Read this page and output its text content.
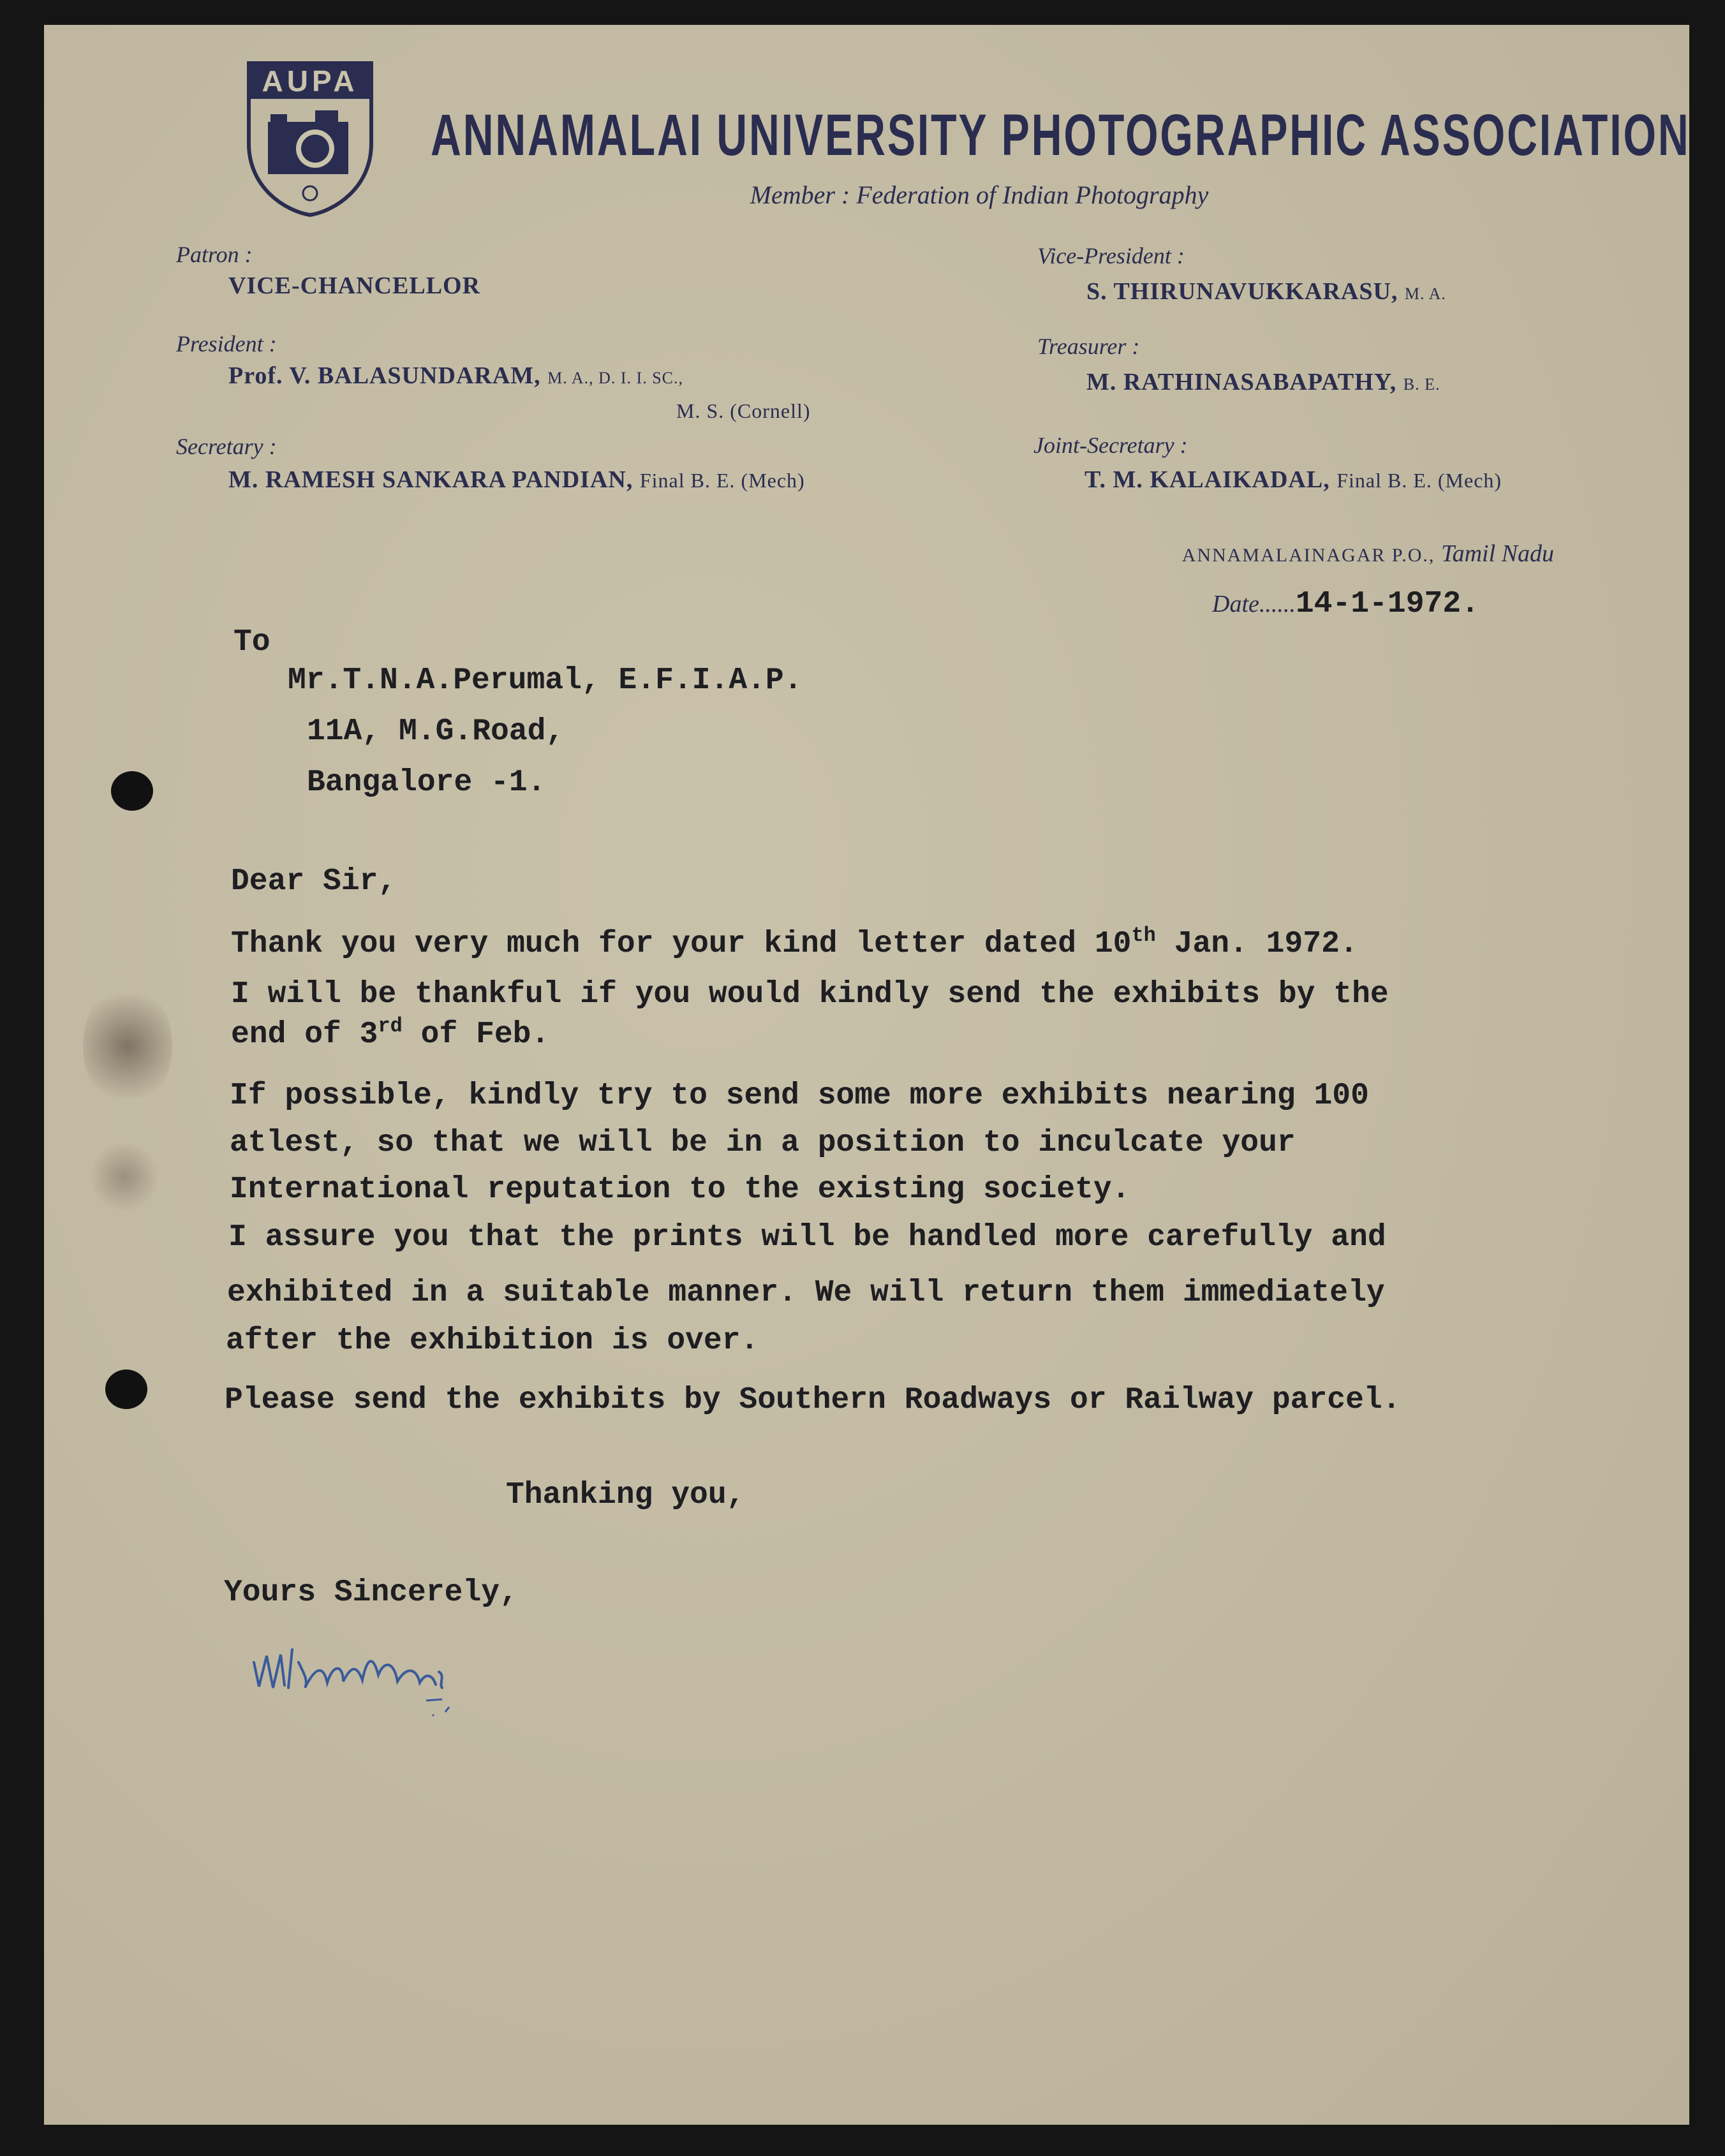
AUPA
ANNAMALAI UNIVERSITY PHOTOGRAPHIC ASSOCIATION
Member : Federation of Indian Photography
Patron :
VICE-CHANCELLOR
President :
Prof. V. BALASUNDARAM, M. A., D. I. I. SC.,
M. S. (Cornell)
Secretary :
M. RAMESH SANKARA PANDIAN, Final B. E. (Mech)
Vice-President :
S. THIRUNAVUKKARASU, M. A.
Treasurer :
M. RATHINASABAPATHY, B. E.
Joint-Secretary :
T. M. KALAIKADAL, Final B. E. (Mech)
ANNAMALAINAGAR P.O., Tamil Nadu
Date......14-1-1972.
To
Mr.T.N.A.Perumal, E.F.I.A.P.
11A, M.G.Road,
Bangalore -1.
Dear Sir,
Thank you very much for your kind letter dated 10th Jan. 1972.
I will be thankful if you would kindly send the exhibits by the
end of 3rd of Feb.
If possible, kindly try to send some more exhibits nearing 100
atlest, so that we will be in a position to inculcate your
International reputation to the existing society.
I assure you that the prints will be handled more carefully and
exhibited in a suitable manner. We will return them immediately
after the exhibition is over.
Please send the exhibits by Southern Roadways or Railway parcel.
Thanking you,
Yours Sincerely,
